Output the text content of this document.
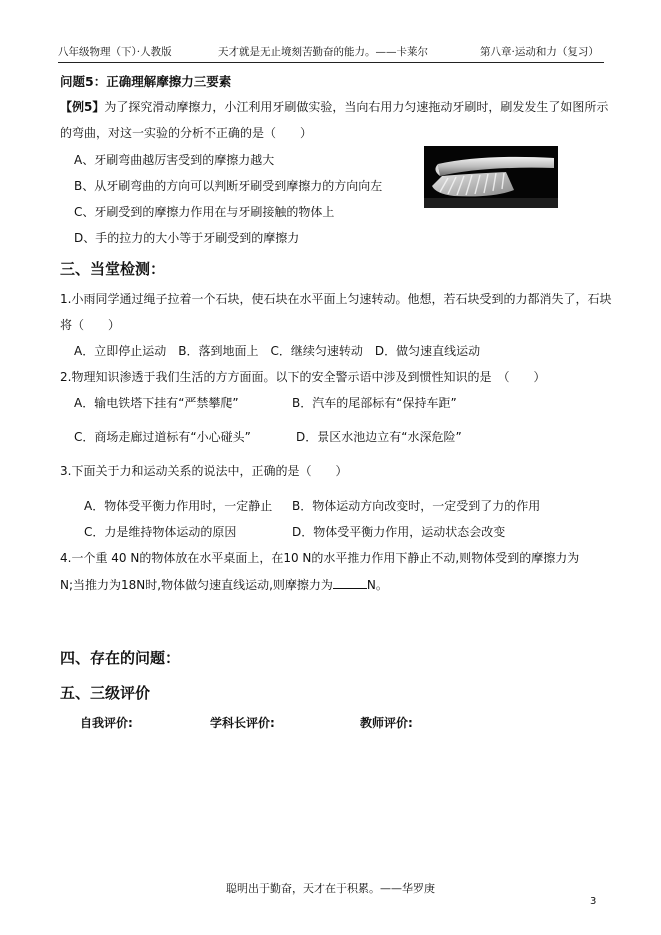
八年级物理（下）·人教版	天才就是无止境刻苦勤奋的能力。——卡莱尔	第八章·运动和力（复习）
问题5：正确理解摩擦力三要素
【例5】为了探究滑动摩擦力，小江利用牙刷做实验，当向右用力匀速拖动牙刷时，刷发发生了如图所示
的弯曲，对这一实验的分析不正确的是（　　）
A、牙刷弯曲越厉害受到的摩擦力越大
B、从牙刷弯曲的方向可以判断牙刷受到摩擦力的方向向左
C、牙刷受到的摩擦力作用在与牙刷接触的物体上
D、手的拉力的大小等于牙刷受到的摩擦力
三、当堂检测：
1.小雨同学通过绳子拉着一个石块，使石块在水平面上匀速转动。他想，若石块受到的力都消失了，石块
将（　　）
A．立即停止运动　B．落到地面上　C．继续匀速转动　D．做匀速直线运动
2.物理知识渗透于我们生活的方方面面。以下的安全警示语中涉及到惯性知识的是　（　　）
A．输电铁塔下挂有“严禁攀爬”	B．汽车的尾部标有“保持车距”
C．商场走廊过道标有“小心碰头”	D．景区水池边立有“水深危险”
3.下面关于力和运动关系的说法中，正确的是（　　）
A．物体受平衡力作用时，一定静止 B．物体运动方向改变时，一定受到了力的作用
C．力是维持物体运动的原因	D．物体受平衡力作用，运动状态会改变
4.一个重 40 N的物体放在水平桌面上，在10 N的水平推力作用下静止不动,则物体受到的摩擦力为
N;当推力为18N时,物体做匀速直线运动,则摩擦力为	N。
四、存在的问题：
五、三级评价
自我评价:	学科长评价:	教师评价:
聪明出于勤奋，天才在于积累。——华罗庚
3
